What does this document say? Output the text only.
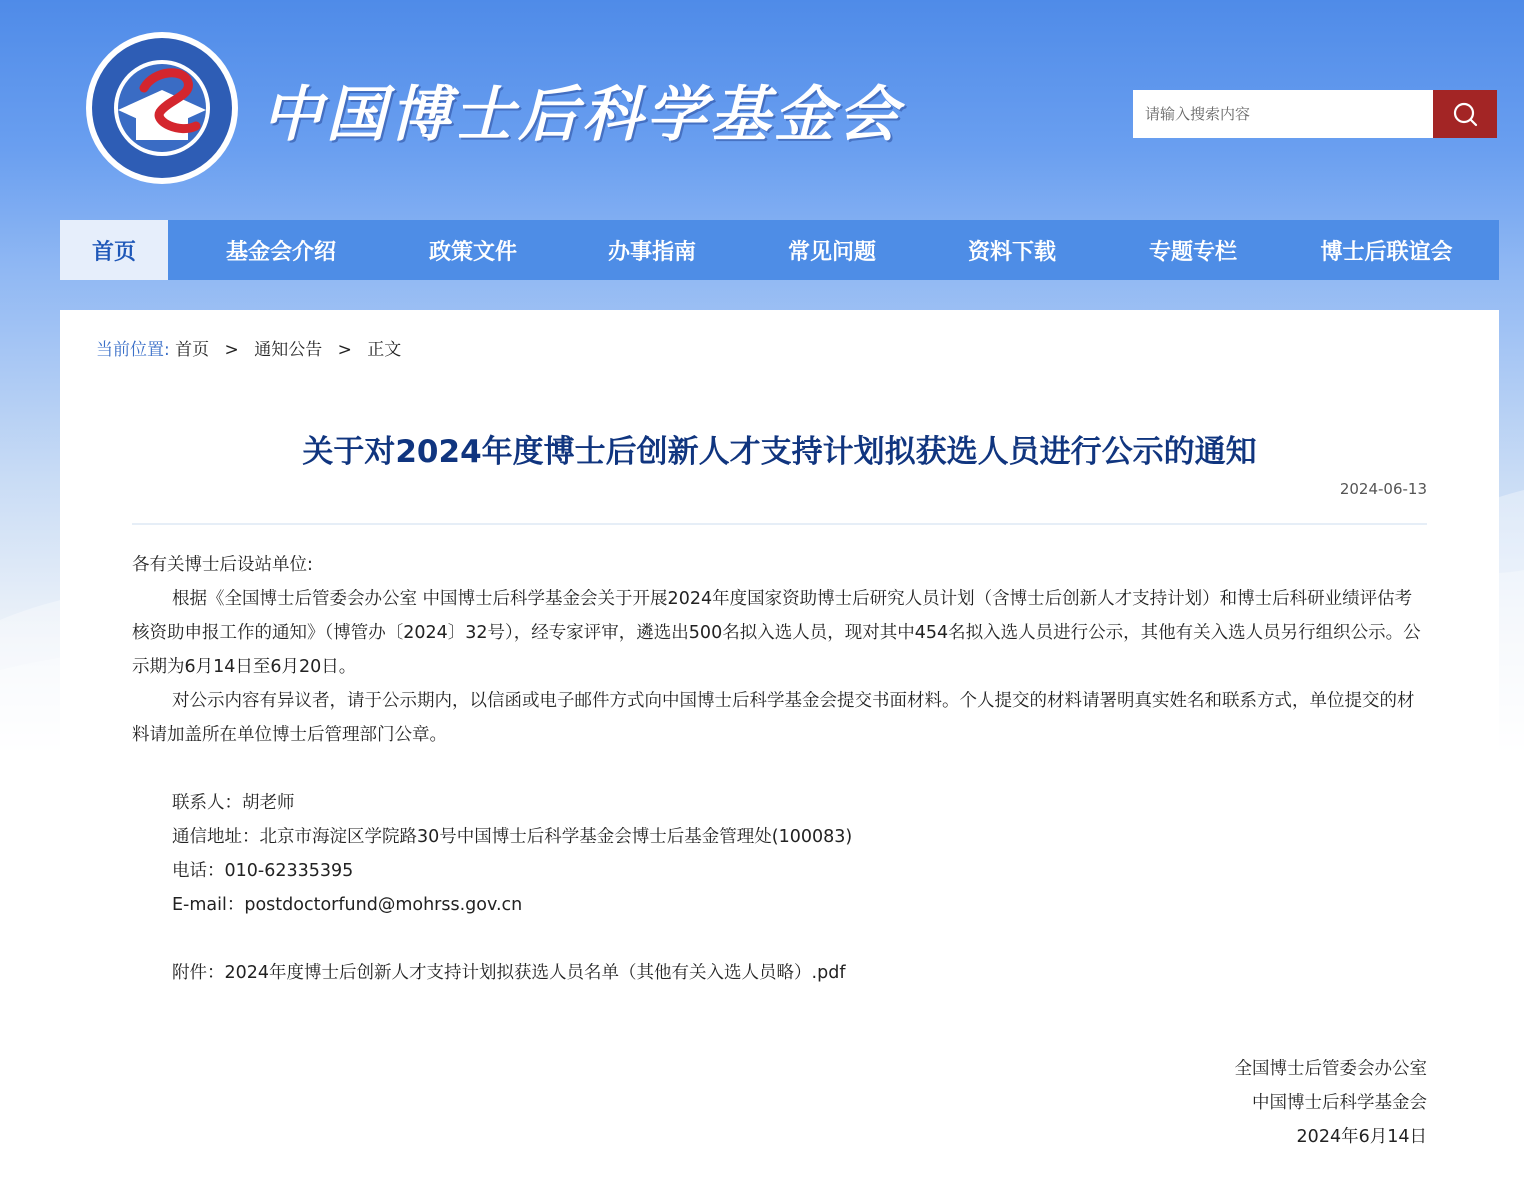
中国博士后科学基金会
请输入搜索内容
首页	基金会介绍	政策文件	办事指南	常见问题	资料下载	专题专栏	博士后联谊会
当前位置: 首页 > 通知公告 > 正文
关于对2024年度博士后创新人才支持计划拟获选人员进行公示的通知
2024-06-13

各有关博士后设站单位:

根据《全国博士后管委会办公室 中国博士后科学基金会关于开展2024年度国家资助博士后研究人员计划（含博士后创新人才支持计划）和博士后科研业绩评估考核资助申报工作的通知》（博管办〔2024〕32号），经专家评审，遴选出500名拟入选人员，现对其中454名拟入选人员进行公示，其他有关入选人员另行组织公示。公示期为6月14日至6月20日。

对公示内容有异议者，请于公示期内，以信函或电子邮件方式向中国博士后科学基金会提交书面材料。个人提交的材料请署明真实姓名和联系方式，单位提交的材料请加盖所在单位博士后管理部门公章。

联系人：胡老师

通信地址：北京市海淀区学院路30号中国博士后科学基金会博士后基金管理处(100083)

电话：010-62335395

E-mail：postdoctorfund@mohrss.gov.cn

附件：2024年度博士后创新人才支持计划拟获选人员名单（其他有关入选人员略）.pdf

全国博士后管委会办公室
中国博士后科学基金会
2024年6月14日
